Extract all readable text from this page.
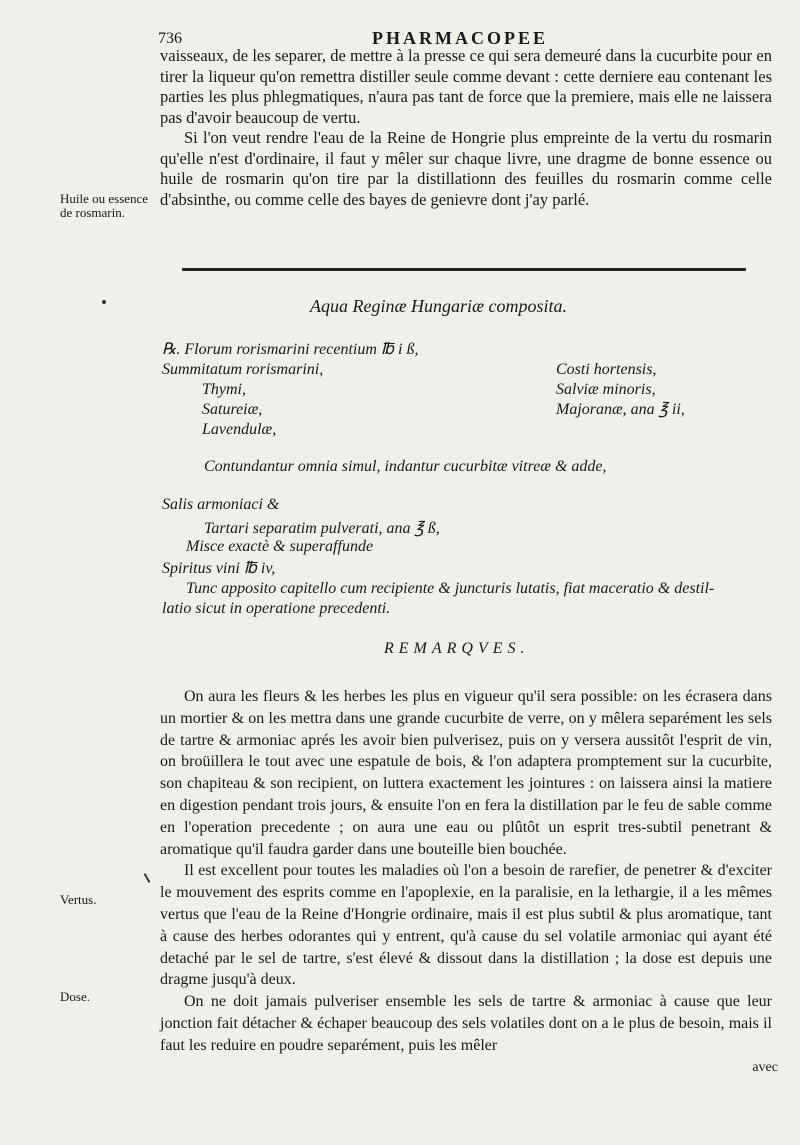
736	PHARMACOPEE

vaisseaux, de les separer, de mettre à la presse ce qui sera demeuré dans la cucurbite pour en tirer la liqueur qu'on remettra distiller seule comme devant : cette derniere eau contenant les parties les plus phlegmatiques, n'aura pas tant de force que la premiere, mais elle ne laissera pas d'avoir beaucoup de vertu.

Si l'on veut rendre l'eau de la Reine de Hongrie plus empreinte de la vertu du rosmarin qu'elle n'est d'ordinaire, il faut y mêler sur chaque livre, une dragme de bonne essence ou huile de rosmarin qu'on tire par la distillationn des feuilles du rosmarin comme celle d'absinthe, ou comme celle des bayes de genievre dont j'ay parlé.

Huile ou essence de rosmarin.
Aqua Reginæ Hungariæ composita.
℞. Florum rorismarini recentium ℔ i ß,
Summitatum rorismarini,
Thymi,
Satureiæ,
Lavendulæ,
Costi hortensis,
Salviæ minoris,
Majoranæ, ana ℥ ii,
Contundantur omnia simul, indantur cucurbitæ vitreæ & adde,
Salis armoniaci &
Tartari separatim pulverati, ana ℥ ß,
Misce exactè & superaffunde
Spiritus vini ℔ iv,
Tunc apposito capitello cum recipiente & juncturis lutatis, fiat maceratio & destil-
latio sicut in operatione precedenti.
REMARQVES.

On aura les fleurs & les herbes les plus en vigueur qu'il sera possible: on les écrasera dans un mortier & on les mettra dans une grande cucurbite de verre, on y mêlera separément les sels de tartre & armoniac aprés les avoir bien pulverisez, puis on y versera aussitôt l'esprit de vin, on broüillera le tout avec une espatule de bois, & l'on adaptera promptement sur la cucurbite, son chapiteau & son recipient, on luttera exactement les jointures : on laissera ainsi la matiere en digestion pendant trois jours, & ensuite l'on en fera la distillation par le feu de sable comme en l'operation precedente ; on aura une eau ou plûtôt un esprit tres-subtil penetrant & aromatique qu'il faudra garder dans une bouteille bien bouchée.

Il est excellent pour toutes les maladies où l'on a besoin de rarefier, de penetrer & d'exciter le mouvement des esprits comme en l'apoplexie, en la paralisie, en la lethargie, il a les mêmes vertus que l'eau de la Reine d'Hongrie ordinaire, mais il est plus subtil & plus aromatique, tant à cause des herbes odorantes qui y entrent, qu'à cause du sel volatile armoniac qui ayant été detaché par le sel de tartre, s'est élevé & dissout dans la distillation ; la dose est depuis une dragme jusqu'à deux.

On ne doit jamais pulveriser ensemble les sels de tartre & armoniac à cause que leur jonction fait détacher & échaper beaucoup des sels volatiles dont on a le plus de besoin, mais il faut les reduire en poudre separément, puis les mêler

Vertus.
Dose.
avec
